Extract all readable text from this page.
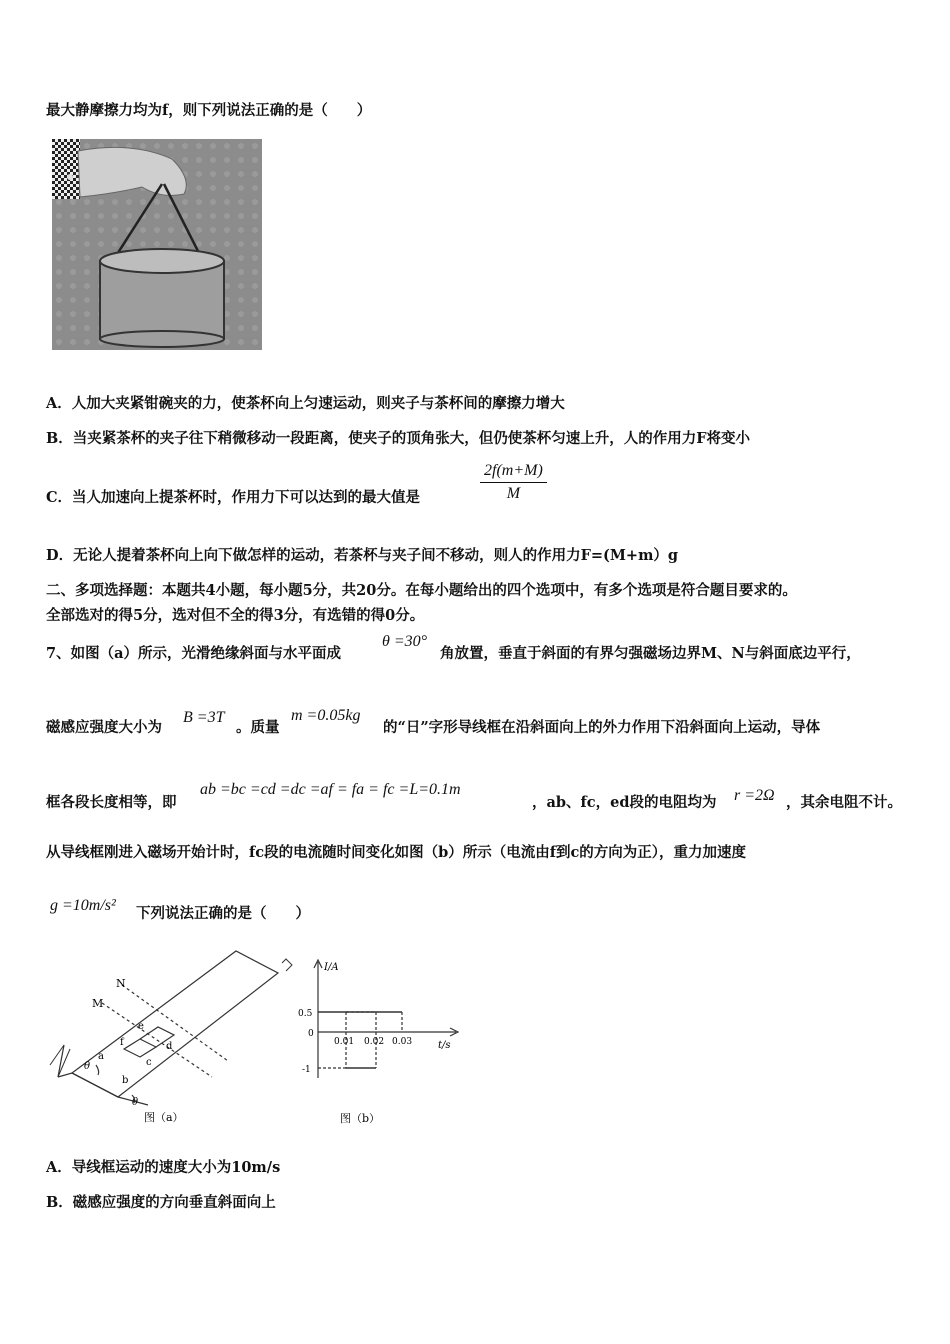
最大静摩擦力均为f，则下列说法正确的是（　　）
A．人加大夹紧钳碗夹的力，使茶杯向上匀速运动，则夹子与茶杯间的摩擦力增大
B．当夹紧茶杯的夹子往下稍微移动一段距离，使夹子的顶角张大，但仍使茶杯匀速上升，人的作用力F将变小
C．当人加速向上提茶杯时，作用力下可以达到的最大值是	$\frac{2f(m+M)}{M}$
D．无论人提着茶杯向上向下做怎样的运动，若茶杯与夹子间不移动，则人的作用力F=(M+m）g
二、多项选择题：本题共4小题，每小题5分，共20分。在每小题给出的四个选项中，有多个选项是符合题目要求的。
全部选对的得5分，选对但不全的得3分，有选错的得0分。
7、如图（a）所示，光滑绝缘斜面与水平面成
θ =30°
角放置，垂直于斜面的有界匀强磁场边界M、N与斜面底边平行，
磁感应强度大小为
B =3T
。质量
m =0.05kg
的“日”字形导线框在沿斜面向上的外力作用下沿斜面向上运动，导体
框各段长度相等，即
ab =bc =cd =dc =af = fa = fc =L=0.1m
，ab、fc，ed段的电阻均为 r =2Ω ，其余电阻不计。
从导线框刚进入磁场开始计时，fc段的电流随时间变化如图（b）所示（电流由f到c的方向为正），重力加速度
g =10m/s² 下列说法正确的是（　　）
N
M
e
f	d
a
c
b
θ
θ
图（a）
I/A
t/s
0.5
0
-1
0.01 0.02 0.03
图（b）
A．导线框运动的速度大小为10m/s
B．磁感应强度的方向垂直斜面向上
